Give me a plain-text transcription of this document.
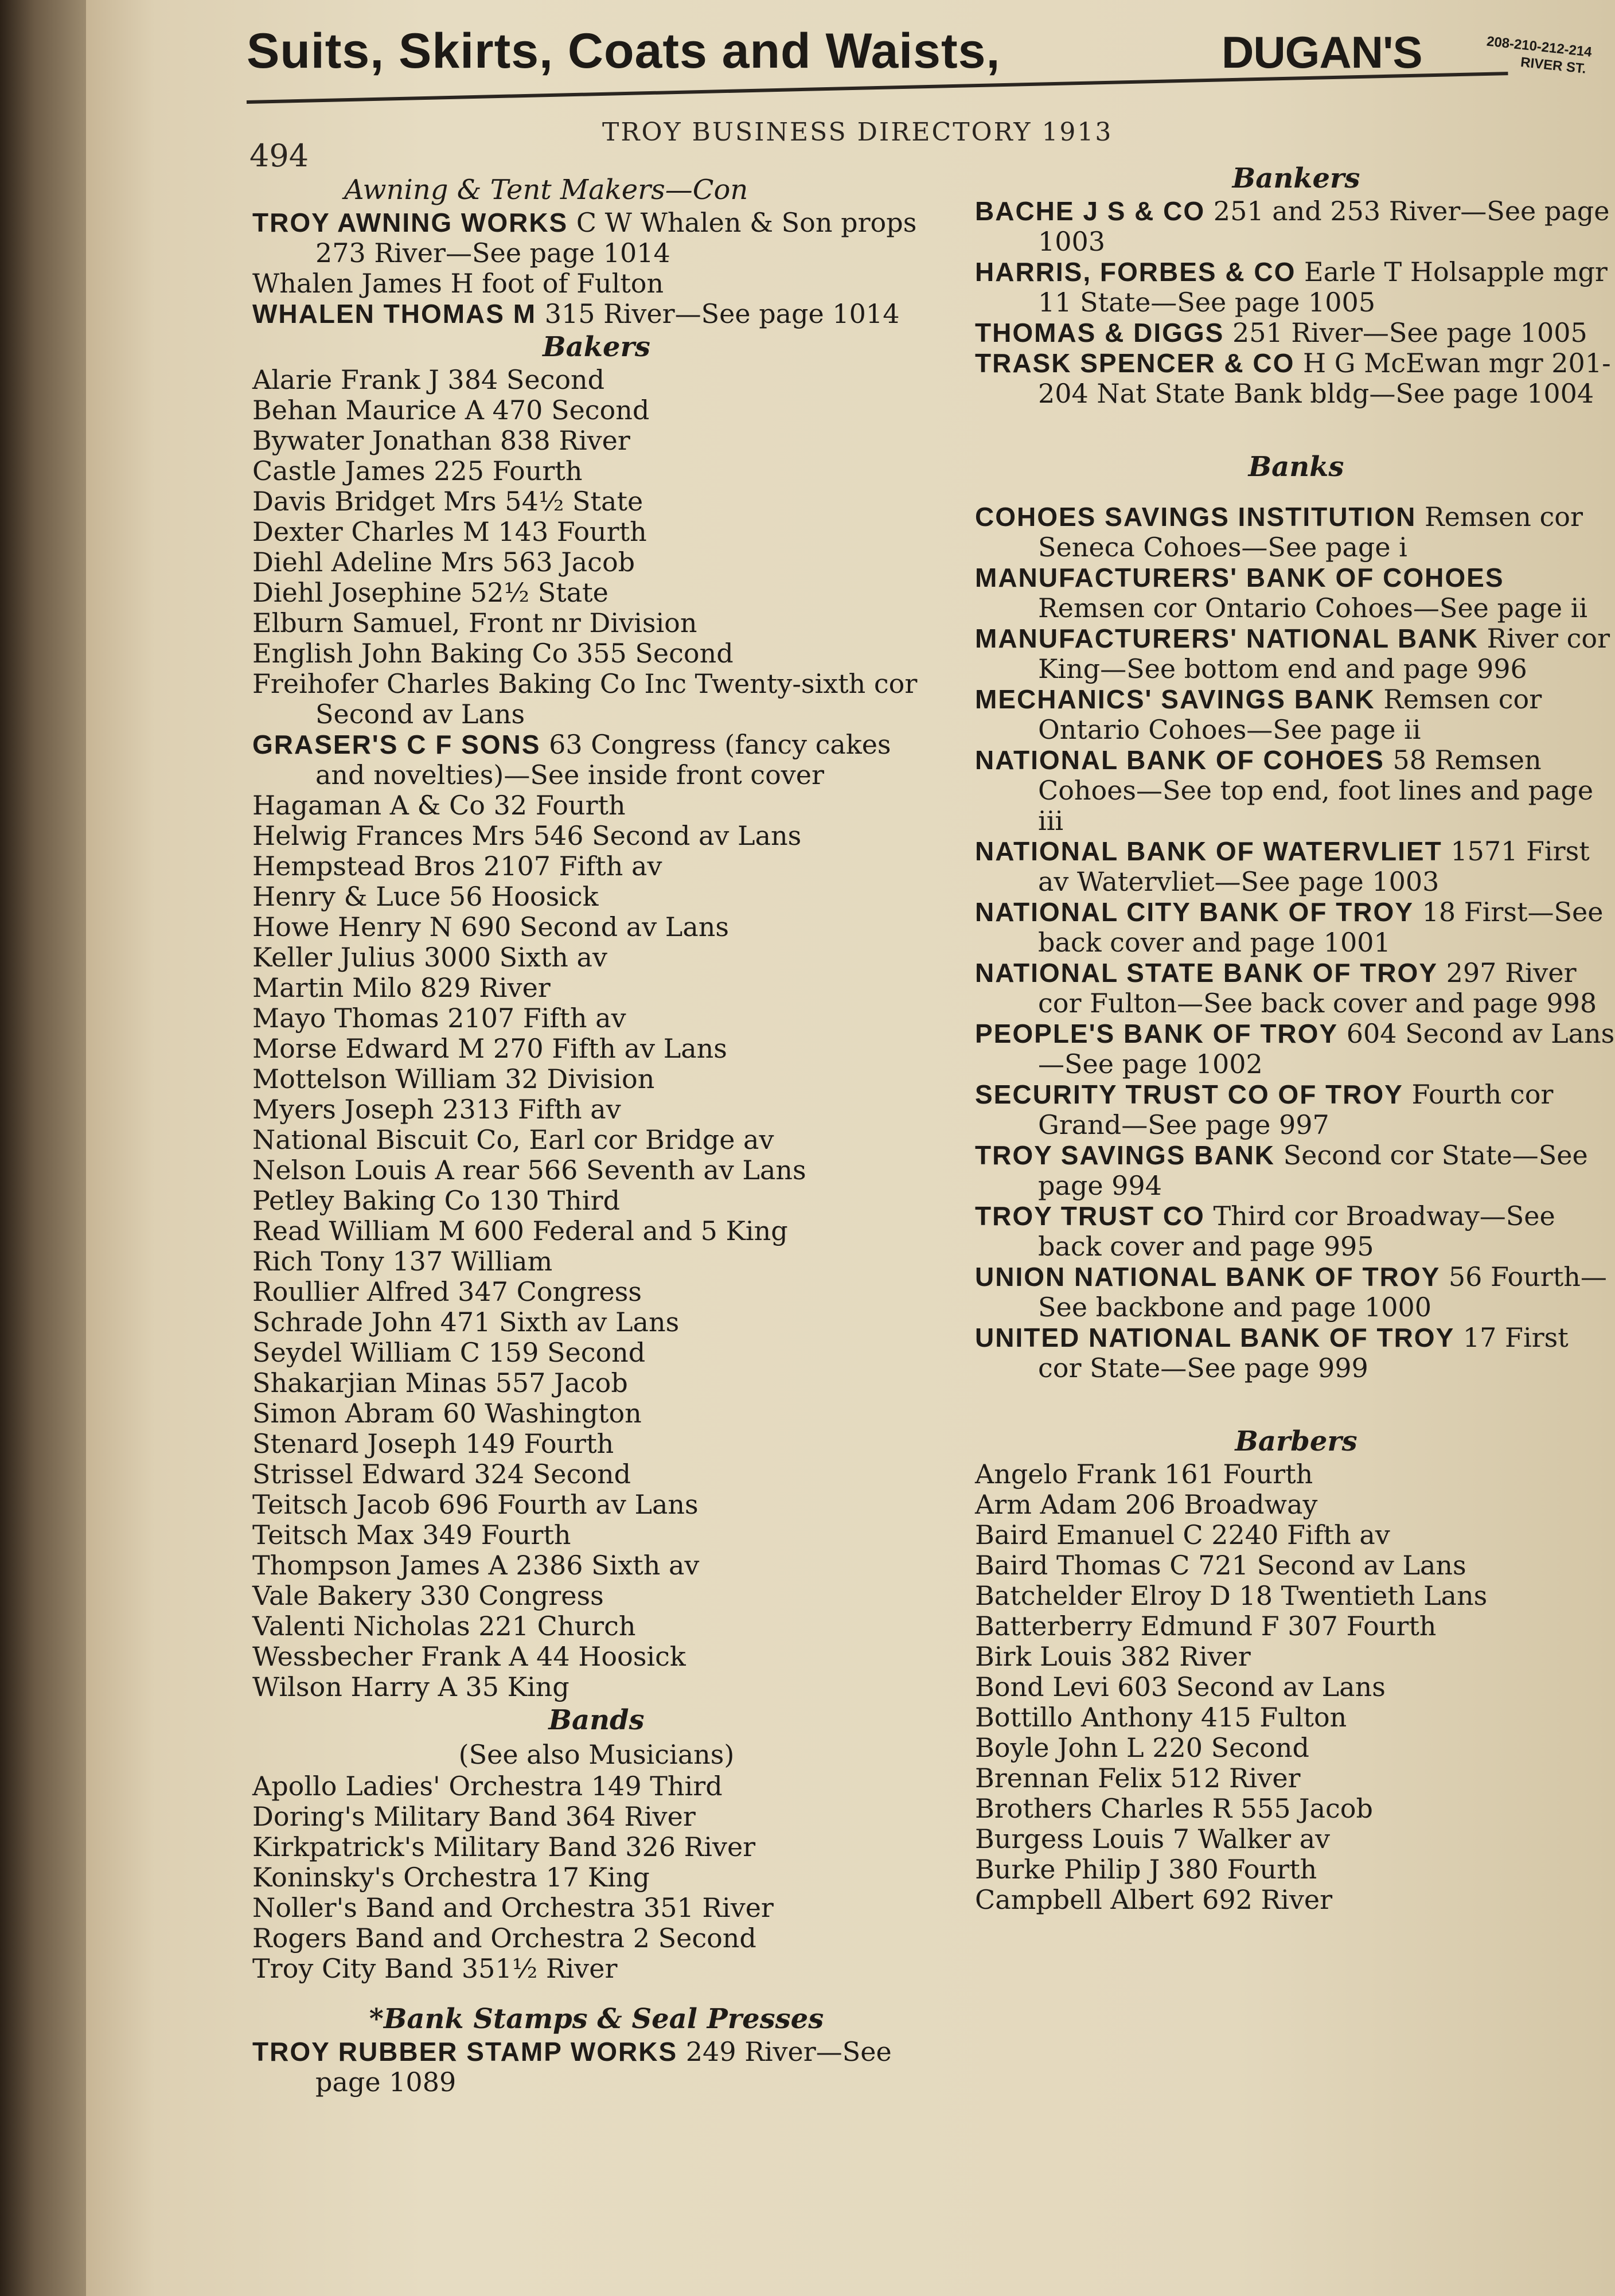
Suits, Skirts, Coats and Waists,	DUGAN'S	208-210-212-214
RIVER ST.
494
TROY BUSINESS DIRECTORY 1913
Awning & Tent Makers—Con
TROY AWNING WORKS C W Whalen & Son props 273 River—See page 1014
Whalen James H foot of Fulton
WHALEN THOMAS M 315 River—See page 1014
Bakers
Alarie Frank J 384 Second
Behan Maurice A 470 Second
Bywater Jonathan 838 River
Castle James 225 Fourth
Davis Bridget Mrs 54½ State
Dexter Charles M 143 Fourth
Diehl Adeline Mrs 563 Jacob
Diehl Josephine 52½ State
Elburn Samuel, Front nr Division
English John Baking Co 355 Second
Freihofer Charles Baking Co Inc Twenty-sixth cor Second av Lans
GRASER'S C F SONS 63 Congress (fancy cakes and novelties)—See inside front cover
Hagaman A & Co 32 Fourth
Helwig Frances Mrs 546 Second av Lans
Hempstead Bros 2107 Fifth av
Henry & Luce 56 Hoosick
Howe Henry N 690 Second av Lans
Keller Julius 3000 Sixth av
Martin Milo 829 River
Mayo Thomas 2107 Fifth av
Morse Edward M 270 Fifth av Lans
Mottelson William 32 Division
Myers Joseph 2313 Fifth av
National Biscuit Co, Earl cor Bridge av
Nelson Louis A rear 566 Seventh av Lans
Petley Baking Co 130 Third
Read William M 600 Federal and 5 King
Rich Tony 137 William
Roullier Alfred 347 Congress
Schrade John 471 Sixth av Lans
Seydel William C 159 Second
Shakarjian Minas 557 Jacob
Simon Abram 60 Washington
Stenard Joseph 149 Fourth
Strissel Edward 324 Second
Teitsch Jacob 696 Fourth av Lans
Teitsch Max 349 Fourth
Thompson James A 2386 Sixth av
Vale Bakery 330 Congress
Valenti Nicholas 221 Church
Wessbecher Frank A 44 Hoosick
Wilson Harry A 35 King
Bands
(See also Musicians)
Apollo Ladies' Orchestra 149 Third
Doring's Military Band 364 River
Kirkpatrick's Military Band 326 River
Koninsky's Orchestra 17 King
Noller's Band and Orchestra 351 River
Rogers Band and Orchestra 2 Second
Troy City Band 351½ River
*Bank Stamps & Seal Presses
TROY RUBBER STAMP WORKS 249 River—See page 1089
Bankers
BACHE J S & CO 251 and 253 River—See page 1003
HARRIS, FORBES & CO Earle T Holsapple mgr 11 State—See page 1005
THOMAS & DIGGS 251 River—See page 1005
TRASK SPENCER & CO H G McEwan mgr 201-204 Nat State Bank bldg—See page 1004
Banks
COHOES SAVINGS INSTITUTION Remsen cor Seneca Cohoes—See page i
MANUFACTURERS' BANK OF COHOES Remsen cor Ontario Cohoes—See page ii
MANUFACTURERS' NATIONAL BANK River cor King—See bottom end and page 996
MECHANICS' SAVINGS BANK Remsen cor Ontario Cohoes—See page ii
NATIONAL BANK OF COHOES 58 Remsen Cohoes—See top end, foot lines and page iii
NATIONAL BANK OF WATERVLIET 1571 First av Watervliet—See page 1003
NATIONAL CITY BANK OF TROY 18 First—See back cover and page 1001
NATIONAL STATE BANK OF TROY 297 River cor Fulton—See back cover and page 998
PEOPLE'S BANK OF TROY 604 Second av Lans—See page 1002
SECURITY TRUST CO OF TROY Fourth cor Grand—See page 997
TROY SAVINGS BANK Second cor State—See page 994
TROY TRUST CO Third cor Broadway—See back cover and page 995
UNION NATIONAL BANK OF TROY 56 Fourth—See backbone and page 1000
UNITED NATIONAL BANK OF TROY 17 First cor State—See page 999
Barbers
Angelo Frank 161 Fourth
Arm Adam 206 Broadway
Baird Emanuel C 2240 Fifth av
Baird Thomas C 721 Second av Lans
Batchelder Elroy D 18 Twentieth Lans
Batterberry Edmund F 307 Fourth
Birk Louis 382 River
Bond Levi 603 Second av Lans
Bottillo Anthony 415 Fulton
Boyle John L 220 Second
Brennan Felix 512 River
Brothers Charles R 555 Jacob
Burgess Louis 7 Walker av
Burke Philip J 380 Fourth
Campbell Albert 692 River
